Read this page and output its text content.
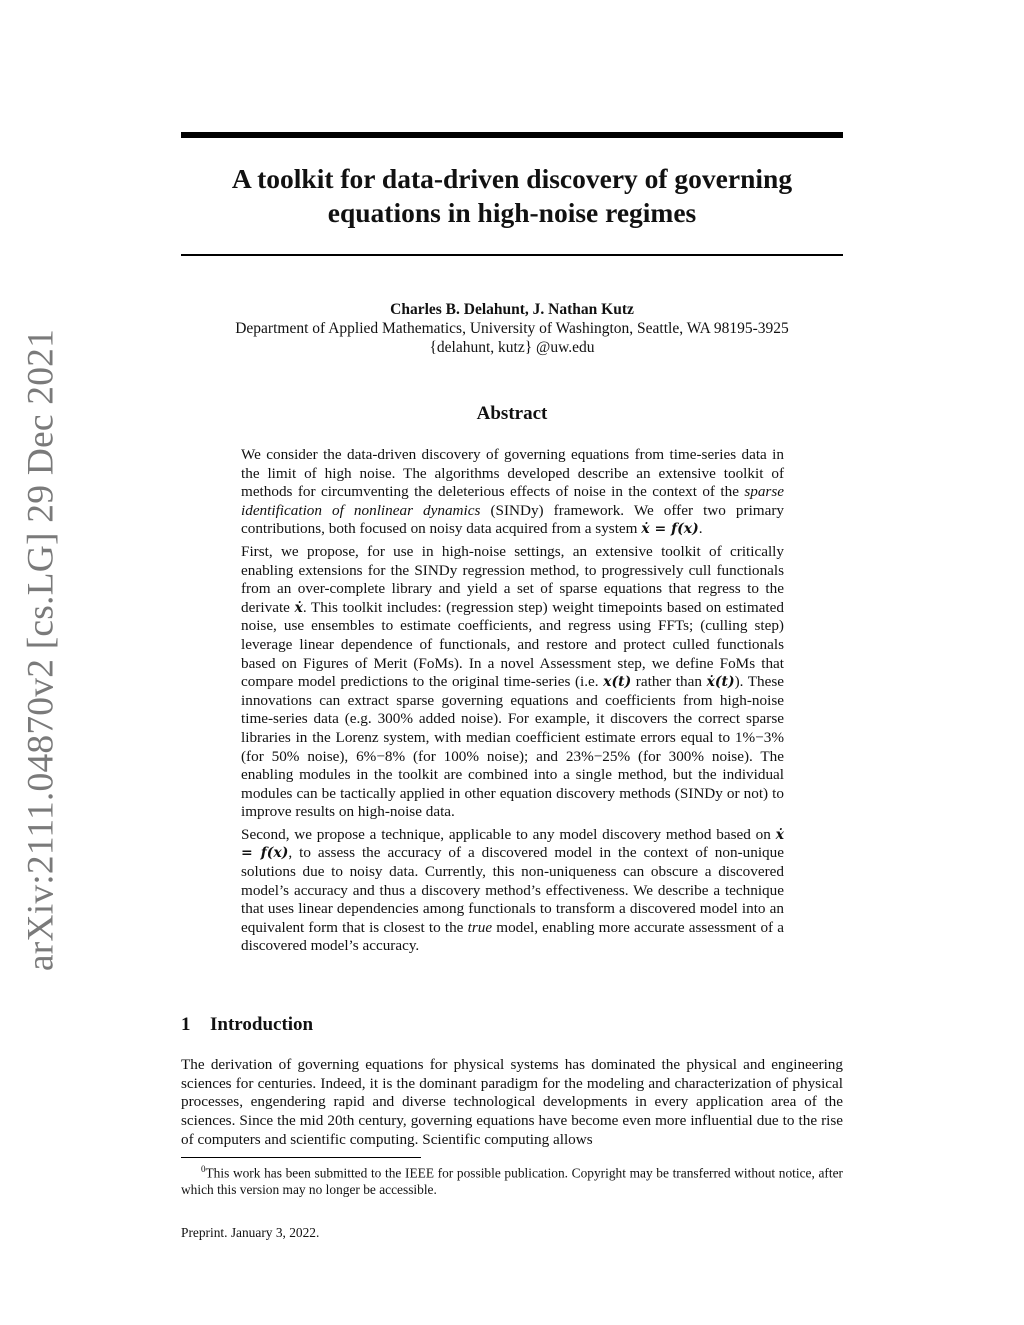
arXiv:2111.04870v2 [cs.LG] 29 Dec 2021
A toolkit for data-driven discovery of governing
equations in high-noise regimes
Charles B. Delahunt, J. Nathan Kutz
Department of Applied Mathematics, University of Washington, Seattle, WA 98195-3925
{delahunt, kutz} @uw.edu
Abstract

We consider the data-driven discovery of governing equations from time-series data in the limit of high noise. The algorithms developed describe an extensive toolkit of methods for circumventing the deleterious effects of noise in the context of the sparse identification of nonlinear dynamics (SINDy) framework. We offer two primary contributions, both focused on noisy data acquired from a system ẋ = f(x).

First, we propose, for use in high-noise settings, an extensive toolkit of critically enabling extensions for the SINDy regression method, to progressively cull functionals from an over-complete library and yield a set of sparse equations that regress to the derivate ẋ. This toolkit includes: (regression step) weight timepoints based on estimated noise, use ensembles to estimate coefficients, and regress using FFTs; (culling step) leverage linear dependence of functionals, and restore and protect culled functionals based on Figures of Merit (FoMs). In a novel Assessment step, we define FoMs that compare model predictions to the original time-series (i.e. x(t) rather than ẋ(t)). These innovations can extract sparse governing equations and coefficients from high-noise time-series data (e.g. 300% added noise). For example, it discovers the correct sparse libraries in the Lorenz system, with median coefficient estimate errors equal to 1%−3% (for 50% noise), 6%−8% (for 100% noise); and 23%−25% (for 300% noise). The enabling modules in the toolkit are combined into a single method, but the individual modules can be tactically applied in other equation discovery methods (SINDy or not) to improve results on high-noise data.

Second, we propose a technique, applicable to any model discovery method based on ẋ = f(x), to assess the accuracy of a discovered model in the context of non-unique solutions due to noisy data. Currently, this non-uniqueness can obscure a discovered model’s accuracy and thus a discovery method’s effectiveness. We describe a technique that uses linear dependencies among functionals to transform a discovered model into an equivalent form that is closest to the true model, enabling more accurate assessment of a discovered model’s accuracy.

1 Introduction

The derivation of governing equations for physical systems has dominated the physical and engineering sciences for centuries. Indeed, it is the dominant paradigm for the modeling and characterization of physical processes, engendering rapid and diverse technological developments in every application area of the sciences. Since the mid 20th century, governing equations have become even more influential due to the rise of computers and scientific computing. Scientific computing allows

$^0$This work has been submitted to the IEEE for possible publication. Copyright may be transferred without notice, after which this version may no longer be accessible.

Preprint. January 3, 2022.
